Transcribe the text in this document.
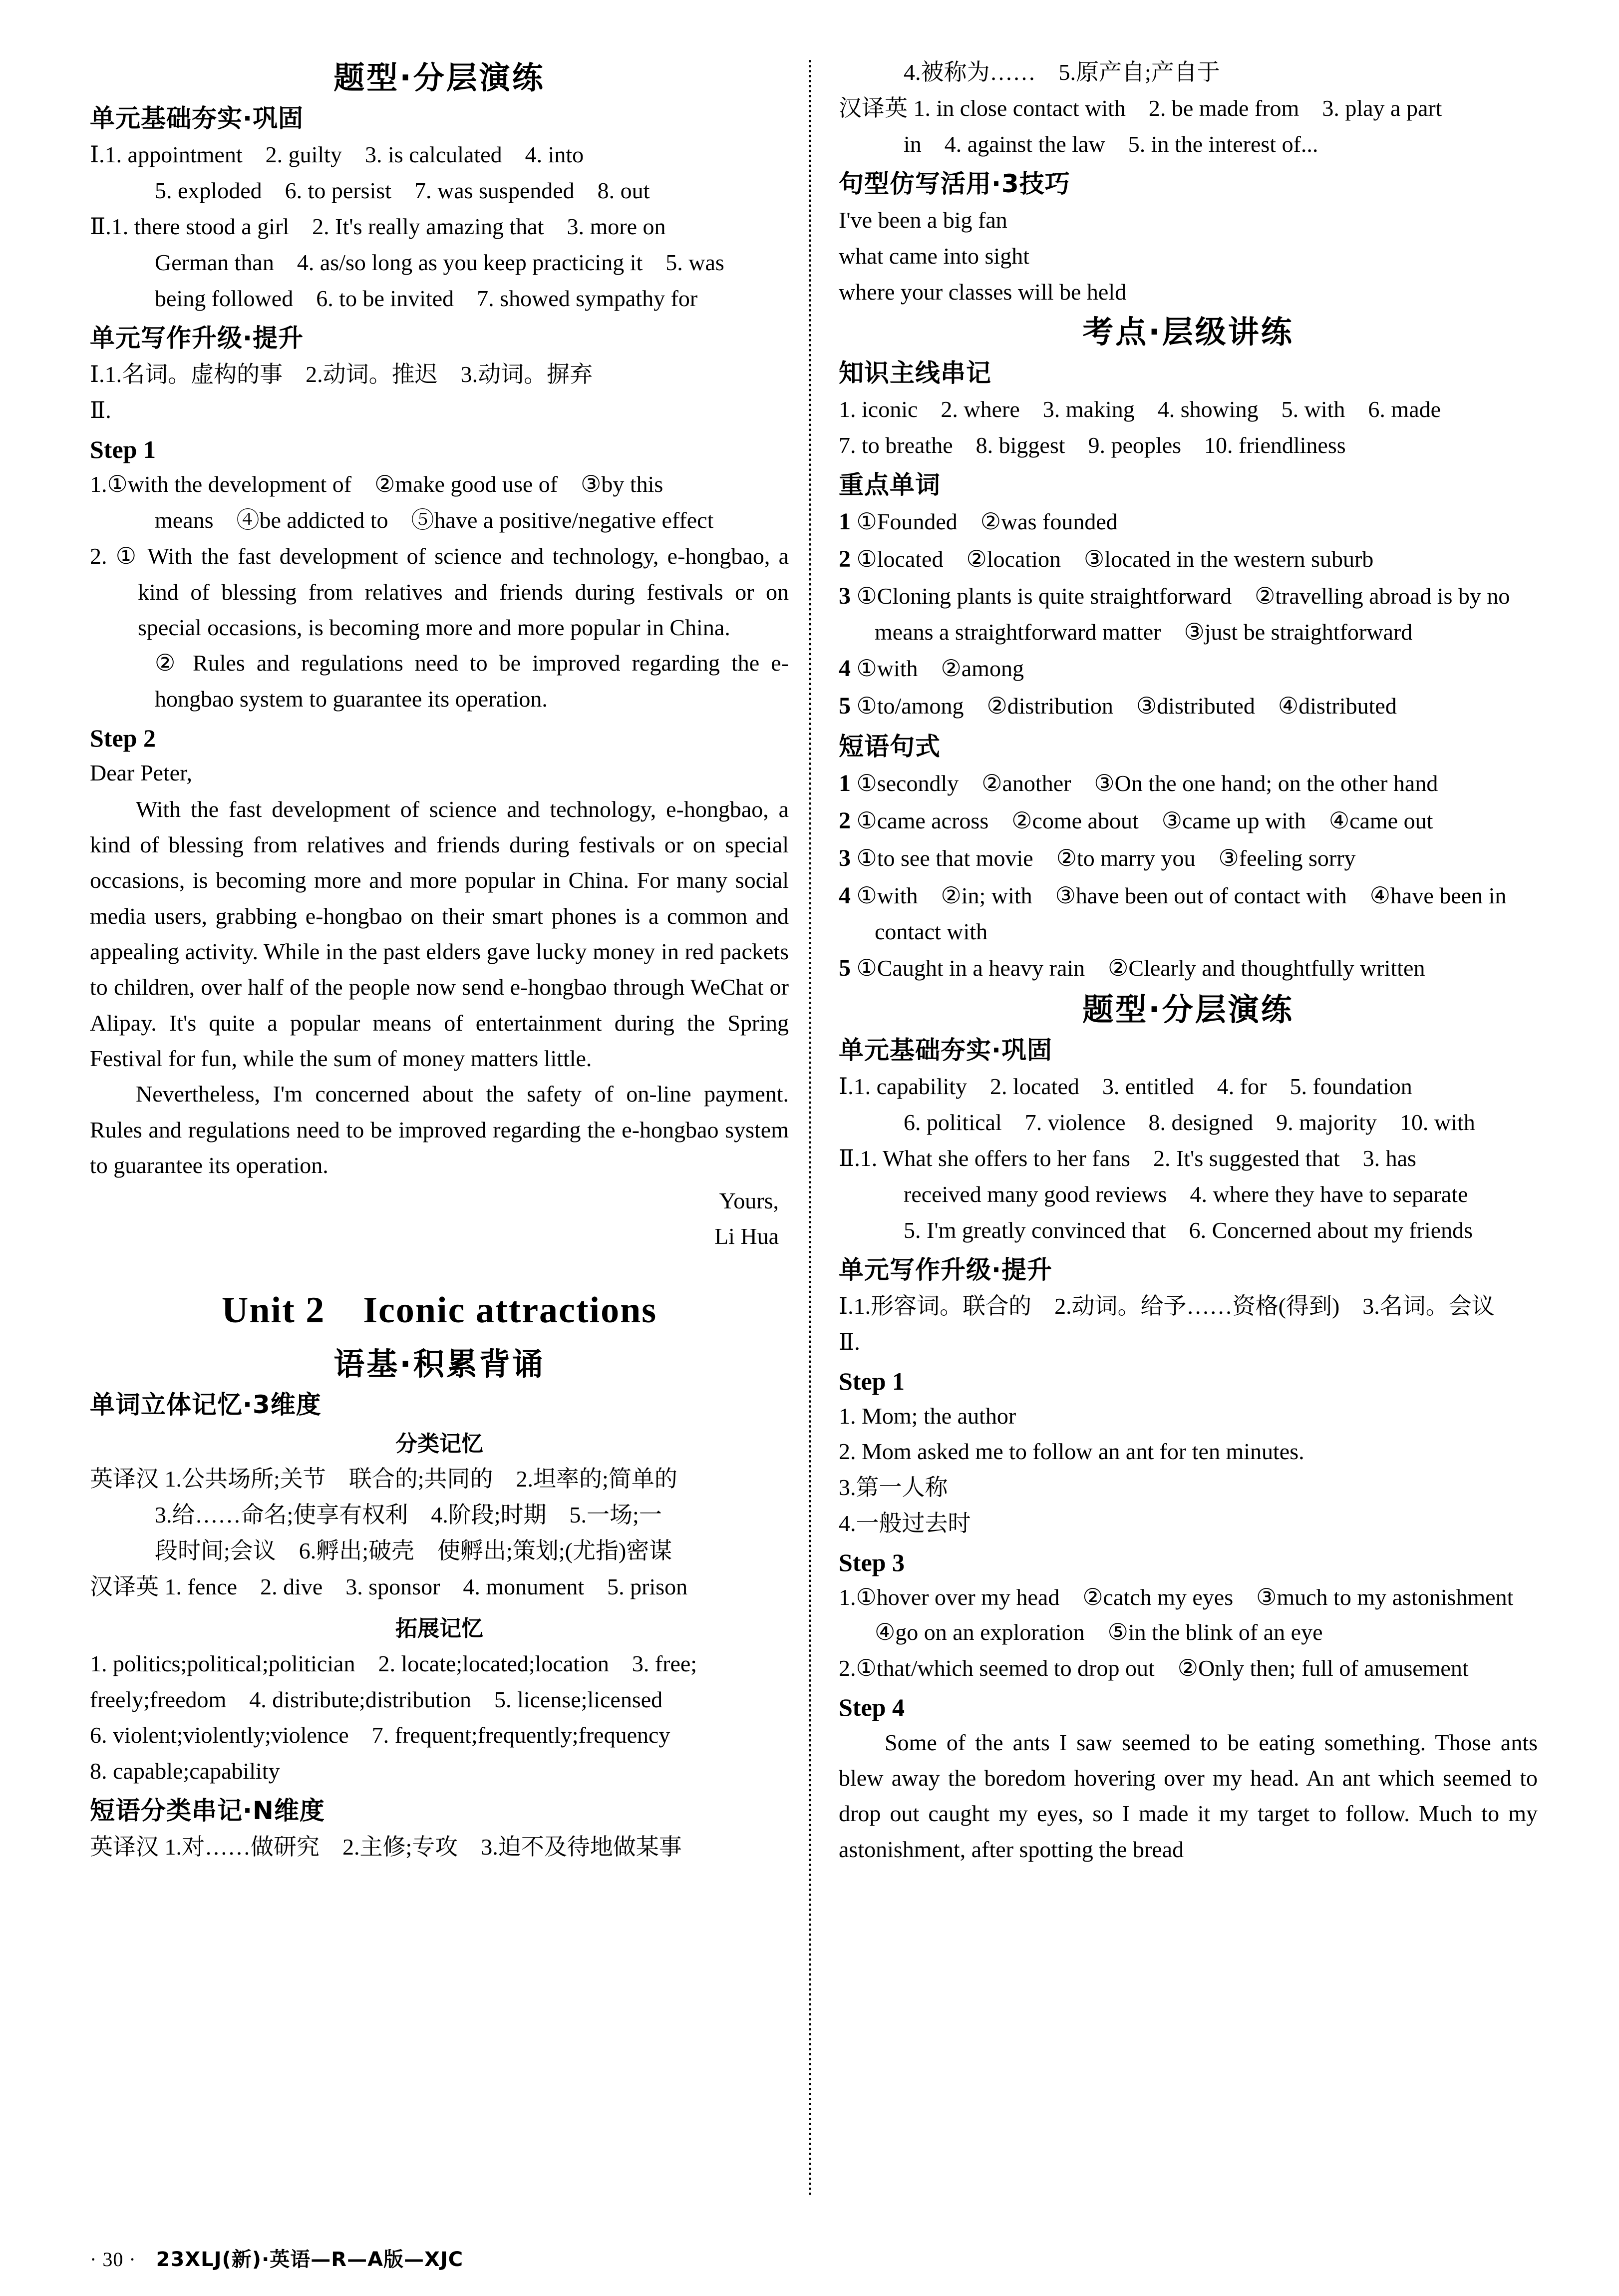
题型·分层演练
单元基础夯实·巩固
Ⅰ.1. appointment　2. guilty　3. is calculated　4. into
5. exploded　6. to persist　7. was suspended　8. out
Ⅱ.1. there stood a girl　2. It's really amazing that　3. more on
German than　4. as/so long as you keep practicing it　5. was
being followed　6. to be invited　7. showed sympathy for
单元写作升级·提升
Ⅰ.1.名词。虚构的事　2.动词。推迟　3.动词。摒弃
Ⅱ.
Step 1
1.①with the development of　②make good use of　③by this
means　④be addicted to　⑤have a positive/negative effect
2. ① With the fast development of science and technology, e-hongbao, a kind of blessing from relatives and friends during festivals or on special occasions, is becoming more and more popular in China.
② Rules and regulations need to be improved regarding the e-hongbao system to guarantee its operation.
Step 2
Dear Peter,
With the fast development of science and technology, e-hongbao, a kind of blessing from relatives and friends during festivals or on special occasions, is becoming more and more popular in China. For many social media users, grabbing e-hongbao on their smart phones is a common and appealing activity. While in the past elders gave lucky money in red packets to children, over half of the people now send e-hongbao through WeChat or Alipay. It's quite a popular means of entertainment during the Spring Festival for fun, while the sum of money matters little.
Nevertheless, I'm concerned about the safety of on-line payment. Rules and regulations need to be improved regarding the e-hongbao system to guarantee its operation.
Yours,
Li Hua
Unit 2　Iconic attractions
语基·积累背诵
单词立体记忆·3维度
分类记忆
英译汉 1.公共场所;关节　联合的;共同的　2.坦率的;简单的
3.给……命名;使享有权利　4.阶段;时期　5.一场;一
段时间;会议　6.孵出;破壳　使孵出;策划;(尤指)密谋
汉译英 1. fence　2. dive　3. sponsor　4. monument　5. prison
拓展记忆
1. politics;political;politician　2. locate;located;location　3. free;
freely;freedom　4. distribute;distribution　5. license;licensed
6. violent;violently;violence　7. frequent;frequently;frequency
8. capable;capability
短语分类串记·N维度
英译汉 1.对……做研究　2.主修;专攻　3.迫不及待地做某事
4.被称为……　5.原产自;产自于
汉译英 1. in close contact with　2. be made from　3. play a part
in　4. against the law　5. in the interest of...
句型仿写活用·3技巧
I've been a big fan
what came into sight
where your classes will be held
考点·层级讲练
知识主线串记
1. iconic　2. where　3. making　4. showing　5. with　6. made
7. to breathe　8. biggest　9. peoples　10. friendliness
重点单词
1 ①Founded　②was founded
2 ①located　②location　③located in the western suburb
3 ①Cloning plants is quite straightforward　②travelling abroad is by no means a straightforward matter　③just be straightforward
4 ①with　②among
5 ①to/among　②distribution　③distributed　④distributed
短语句式
1 ①secondly　②another　③On the one hand; on the other hand
2 ①came across　②come about　③came up with　④came out
3 ①to see that movie　②to marry you　③feeling sorry
4 ①with　②in; with　③have been out of contact with　④have been in contact with
5 ①Caught in a heavy rain　②Clearly and thoughtfully written
题型·分层演练
单元基础夯实·巩固
Ⅰ.1. capability　2. located　3. entitled　4. for　5. foundation
6. political　7. violence　8. designed　9. majority　10. with
Ⅱ.1. What she offers to her fans　2. It's suggested that　3. has
received many good reviews　4. where they have to separate
5. I'm greatly convinced that　6. Concerned about my friends
单元写作升级·提升
Ⅰ.1.形容词。联合的　2.动词。给予……资格(得到)　3.名词。会议
Ⅱ.
Step 1
1. Mom; the author
2. Mom asked me to follow an ant for ten minutes.
3.第一人称
4.一般过去时
Step 3
1.①hover over my head　②catch my eyes　③much to my astonishment　④go on an exploration　⑤in the blink of an eye
2.①that/which seemed to drop out　②Only then; full of amusement
Step 4
Some of the ants I saw seemed to be eating something. Those ants blew away the boredom hovering over my head. An ant which seemed to drop out caught my eyes, so I made it my target to follow. Much to my astonishment, after spotting the bread
· 30 · 23XLJ(新)·英语—R—A版—XJC
